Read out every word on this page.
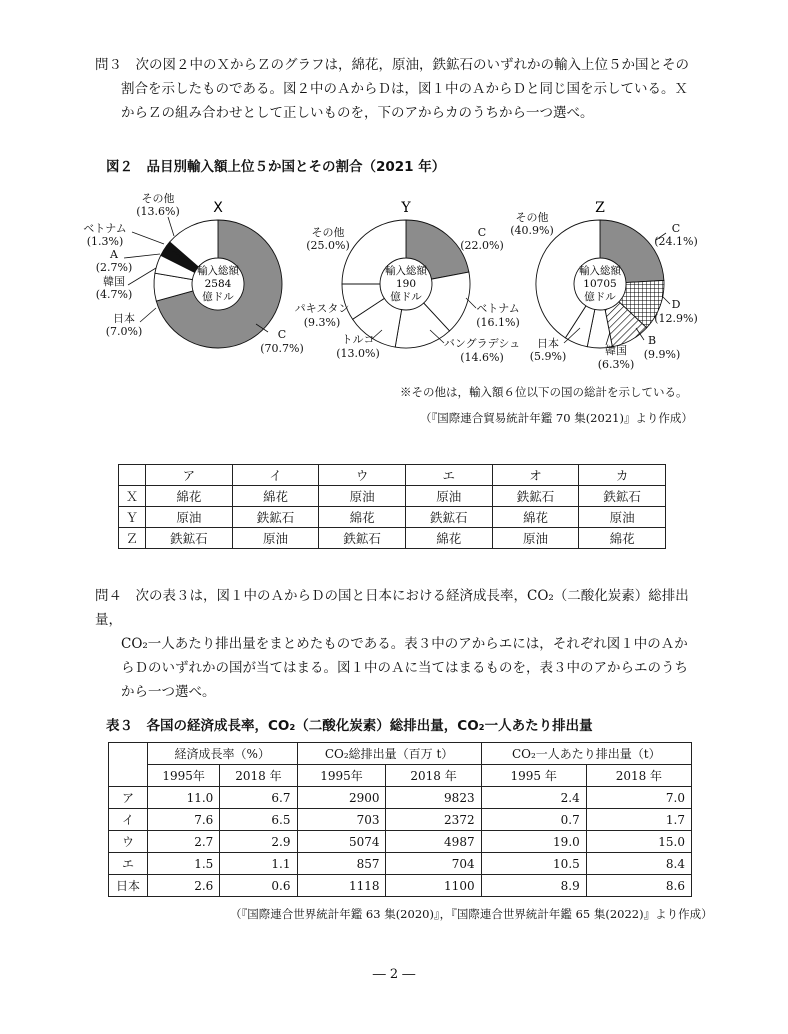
問３　 次の図２中のＸからＺのグラフは，綿花，原油，鉄鉱石のいずれかの輸入上位５か国とその
割合を示したものである。図２中のＡからＤは，図１中のＡからＤと同じ国を示している。Ｘ
からＺの組み合わせとして正しいものを，下のアからカのうちから一つ選べ。
図２　品目別輸入額上位５か国とその割合（2021 年）
輸入総額
2584
億ドル
輸入総額
190
億ドル
輸入総額
10705
億ドル
X	Y	Z
その他
(13.6%)
ベトナム
(1.3%)
A
(2.7%)
韓国
(4.7%)
日本
(7.0%)	C
(70.7%)
その他
(25.0%)
C
(22.0%)
ベトナム
(16.1%)
バングラデシュ
(14.6%)
トルコ
(13.0%)
パキスタン
(9.3%)
その他
(40.9%)	C
(24.1%)
D
(12.9%)
B
(9.9%)
韓国
(6.3%)
日本
(5.9%)
※その他は，輸入額６位以下の国の総計を示している。
（『国際連合貿易統計年鑑 70 集(2021)』より作成）
	ア	イ	ウ	エ	オ	カ
Ｘ	綿花	綿花	原油	原油	鉄鉱石	鉄鉱石
Ｙ	原油	鉄鉱石	綿花	鉄鉱石	綿花	原油
Ｚ	鉄鉱石	原油	鉄鉱石	綿花	原油	綿花
問４　 次の表３は，図１中のＡからＤの国と日本における経済成長率，CO₂（二酸化炭素）総排出量，
CO₂一人あたり排出量をまとめたものである。表３中のアからエには，それぞれ図１中のＡか
らＤのいずれかの国が当てはまる。図１中のＡに当てはまるものを，表３中のアからエのうち
から一つ選べ。
表３　各国の経済成長率，CO₂（二酸化炭素）総排出量，CO₂一人あたり排出量
	経済成長率（%）		CO₂総排出量（百万 t）		CO₂一人あたり排出量（t）	
	1995年	2018 年	1995年	2018 年	1995 年	2018 年
ア	11.0	6.7	2900	9823	2.4	7.0
イ	7.6	6.5	703	2372	0.7	1.7
ウ	2.7	2.9	5074	4987	19.0	15.0
エ	1.5	1.1	857	704	10.5	8.4
日本	2.6	0.6	1118	1100	8.9	8.6
（『国際連合世界統計年鑑 63 集(2020)』，『国際連合世界統計年鑑 65 集(2022)』より作成）
― 2 ―
